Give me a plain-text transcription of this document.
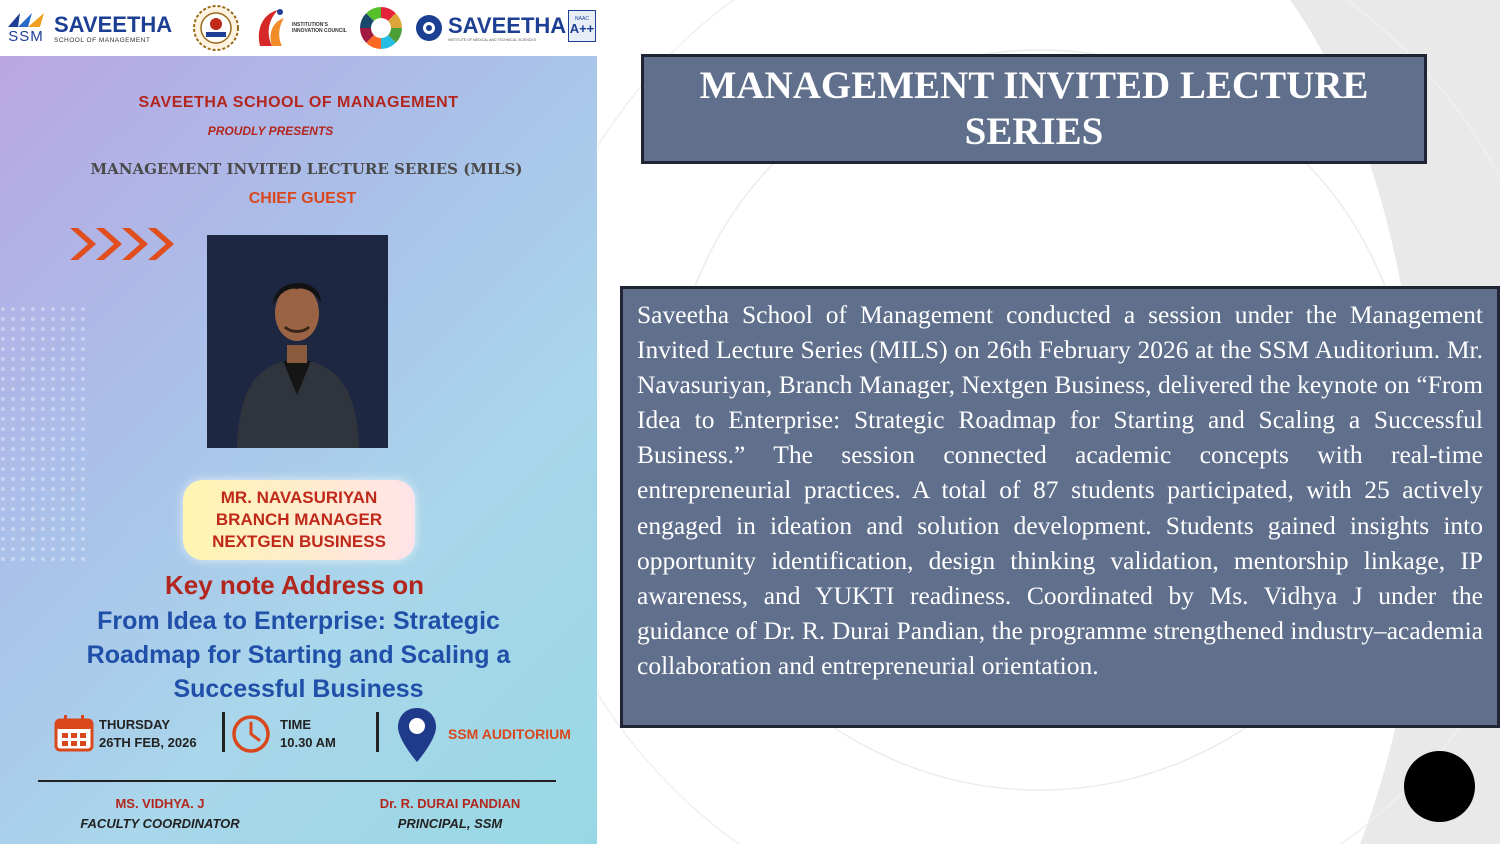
SSM SAVEETHA
SCHOOL OF MANAGEMENT
INSTITUTION'S INNOVATION COUNCIL	SAVEETHA
INSTITUTE OF MEDICAL AND TECHNICAL SCIENCES
NAAC
A++
SAVEETHA SCHOOL OF MANAGEMENT
PROUDLY PRESENTS
MANAGEMENT INVITED LECTURE SERIES (MILS)
CHIEF GUEST
MR. NAVASURIYAN
BRANCH MANAGER
NEXTGEN BUSINESS
Key note Address on
From Idea to Enterprise: Strategic
Roadmap for Starting and Scaling a
Successful Business
THURSDAY
26TH FEB, 2026
TIME
10.30 AM
SSM AUDITORIUM
MS. VIDHYA. J
FACULTY COORDINATOR
Dr. R. DURAI PANDIAN
PRINCIPAL, SSM
MANAGEMENT INVITED LECTURE SERIES

Saveetha School of Management conducted a session under the Management Invited Lecture Series (MILS) on 26th February 2026 at the SSM Auditorium. Mr. Navasuriyan, Branch Manager, Nextgen Business, delivered the keynote on “From Idea to Enterprise: Strategic Roadmap for Starting and Scaling a Successful Business.” The session connected academic concepts with real-time entrepreneurial practices. A total of 87 students participated, with 25 actively engaged in ideation and solution development. Students gained insights into opportunity identification, design thinking validation, mentorship linkage, IP awareness, and YUKTI readiness. Coordinated by Ms. Vidhya J under the guidance of Dr. R. Durai Pandian, the programme strengthened industry–academia collaboration and entrepreneurial orientation.
